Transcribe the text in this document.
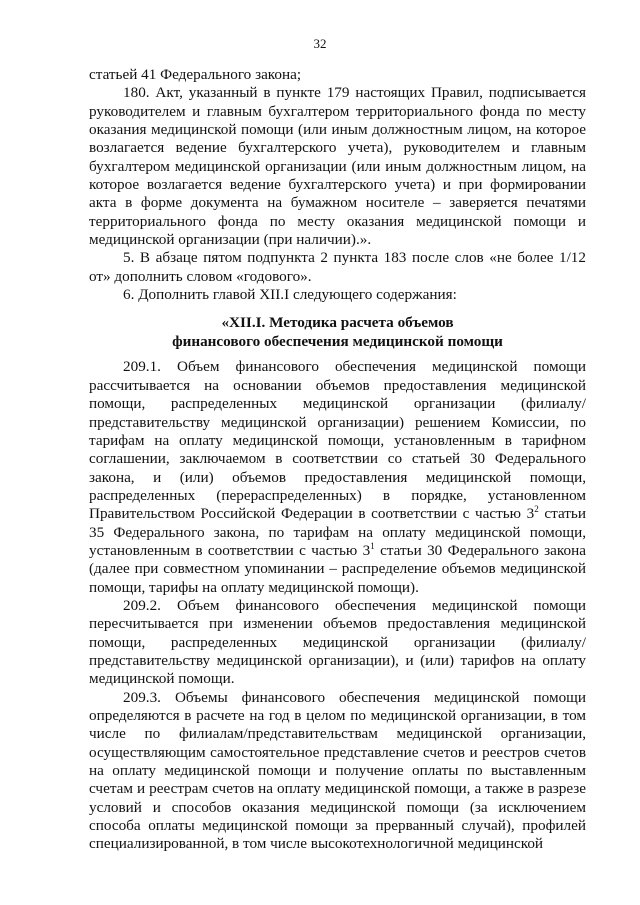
32

статьей 41 Федерального закона;

180. Акт, указанный в пункте 179 настоящих Правил, подписывается руководителем и главным бухгалтером территориального фонда по месту оказания медицинской помощи (или иным должностным лицом, на которое возлагается ведение бухгалтерского учета), руководителем и главным бухгалтером медицинской организации (или иным должностным лицом, на которое возлагается ведение бухгалтерского учета) и при формировании акта в форме документа на бумажном носителе – заверяется печатями территориального фонда по месту оказания медицинской помощи и медицинской организации (при наличии).».

5. В абзаце пятом подпункта 2 пункта 183 после слов «не более 1/12 от» дополнить словом «годового».

6. Дополнить главой XII.I следующего содержания:

«XII.I. Методика расчета объемов
финансового обеспечения медицинской помощи

209.1. Объем финансового обеспечения медицинской помощи рассчитывается на основании объемов предоставления медицинской помощи, распределенных медицинской организации (филиалу/представительству медицинской организации) решением Комиссии, по тарифам на оплату медицинской помощи, установленным в тарифном соглашении, заключаемом в соответствии со статьей 30 Федерального закона, и (или) объемов предоставления медицинской помощи, распределенных (перераспределенных) в порядке, установленном Правительством Российской Федерации в соответствии с частью $3^2$ статьи 35 Федерального закона, по тарифам на оплату медицинской помощи, установленным в соответствии с частью $3^1$ статьи 30 Федерального закона (далее при совместном упоминании – распределение объемов медицинской помощи, тарифы на оплату медицинской помощи).

209.2. Объем финансового обеспечения медицинской помощи пересчитывается при изменении объемов предоставления медицинской помощи, распределенных медицинской организации (филиалу/представительству медицинской организации), и (или) тарифов на оплату медицинской помощи.

209.3. Объемы финансового обеспечения медицинской помощи определяются в расчете на год в целом по медицинской организации, в том числе по филиалам/представительствам медицинской организации, осуществляющим самостоятельное представление счетов и реестров счетов на оплату медицинской помощи и получение оплаты по выставленным счетам и реестрам счетов на оплату медицинской помощи, а также в разрезе условий и способов оказания медицинской помощи (за исключением способа оплаты медицинской помощи за прерванный случай), профилей специализированной, в том числе высокотехнологичной медицинской
